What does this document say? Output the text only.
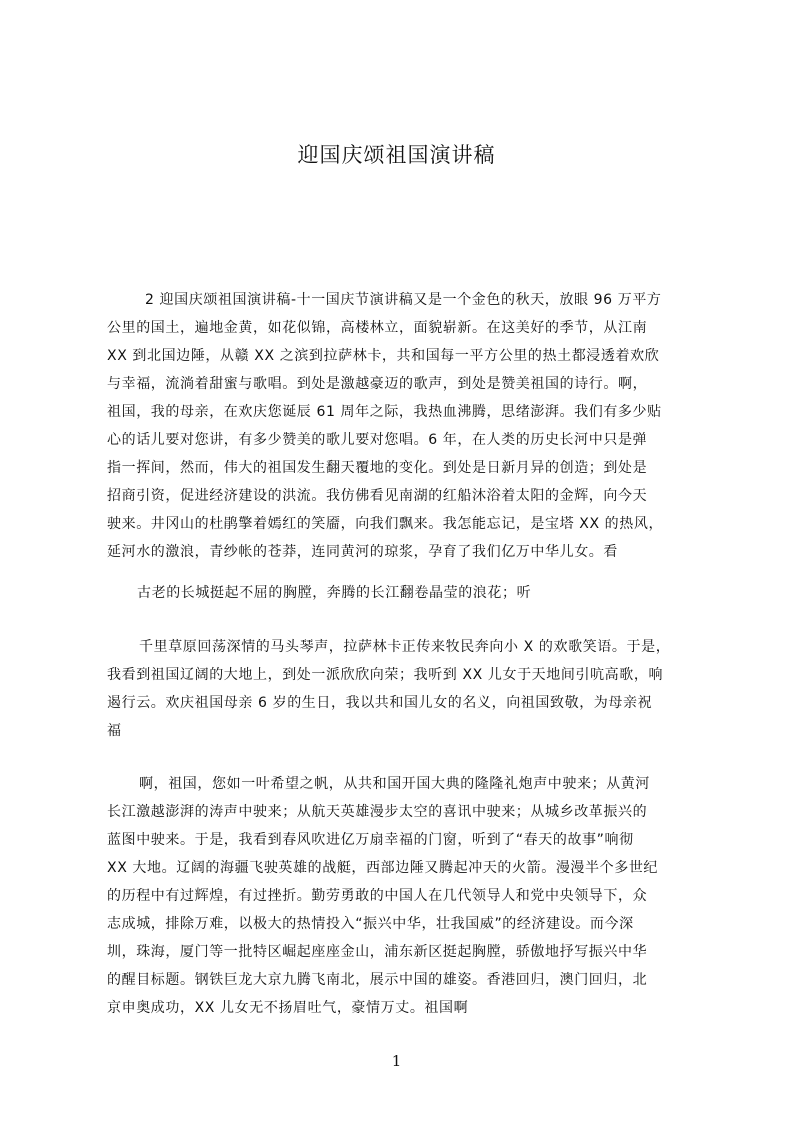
迎国庆颂祖国演讲稿
2 迎国庆颂祖国演讲稿-十一国庆节演讲稿又是一个金色的秋天，放眼 96 万平方
公里的国土，遍地金黄，如花似锦，高楼林立，面貌崭新。在这美好的季节，从江南
XX 到北国边陲，从赣 XX 之滨到拉萨林卡，共和国每一平方公里的热土都浸透着欢欣
与幸福，流淌着甜蜜与歌唱。到处是激越豪迈的歌声，到处是赞美祖国的诗行。啊，
祖国，我的母亲，在欢庆您诞辰 61 周年之际，我热血沸腾，思绪澎湃。我们有多少贴
心的话儿要对您讲，有多少赞美的歌儿要对您唱。6 年，在人类的历史长河中只是弹
指一挥间，然而，伟大的祖国发生翻天覆地的变化。到处是日新月异的创造；到处是
招商引资，促进经济建设的洪流。我仿佛看见南湖的红船沐浴着太阳的金辉，向今天
驶来。井冈山的杜鹃擎着嫣红的笑靥，向我们飘来。我怎能忘记，是宝塔 XX 的热风，
延河水的激浪，青纱帐的苍莽，连同黄河的琼浆，孕育了我们亿万中华儿女。看
古老的长城挺起不屈的胸膛，奔腾的长江翻卷晶莹的浪花；听
千里草原回荡深情的马头琴声，拉萨林卡正传来牧民奔向小 X 的欢歌笑语。于是，
我看到祖国辽阔的大地上，到处一派欣欣向荣；我听到 XX 儿女于天地间引吭高歌，响
遏行云。欢庆祖国母亲 6 岁的生日，我以共和国儿女的名义，向祖国致敬，为母亲祝
福
啊，祖国，您如一叶希望之帆，从共和国开国大典的隆隆礼炮声中驶来；从黄河
长江激越澎湃的涛声中驶来；从航天英雄漫步太空的喜讯中驶来；从城乡改革振兴的
蓝图中驶来。于是，我看到春风吹进亿万扇幸福的门窗，听到了“春天的故事”响彻
XX 大地。辽阔的海疆飞驶英雄的战艇，西部边陲又腾起冲天的火箭。漫漫半个多世纪
的历程中有过辉煌，有过挫折。勤劳勇敢的中国人在几代领导人和党中央领导下，众
志成城，排除万难，以极大的热情投入“振兴中华，壮我国威”的经济建设。而今深
圳，珠海，厦门等一批特区崛起座座金山，浦东新区挺起胸膛，骄傲地抒写振兴中华
的醒目标题。钢铁巨龙大京九腾飞南北，展示中国的雄姿。香港回归，澳门回归，北
京申奥成功，XX 儿女无不扬眉吐气，豪情万丈。祖国啊
1
